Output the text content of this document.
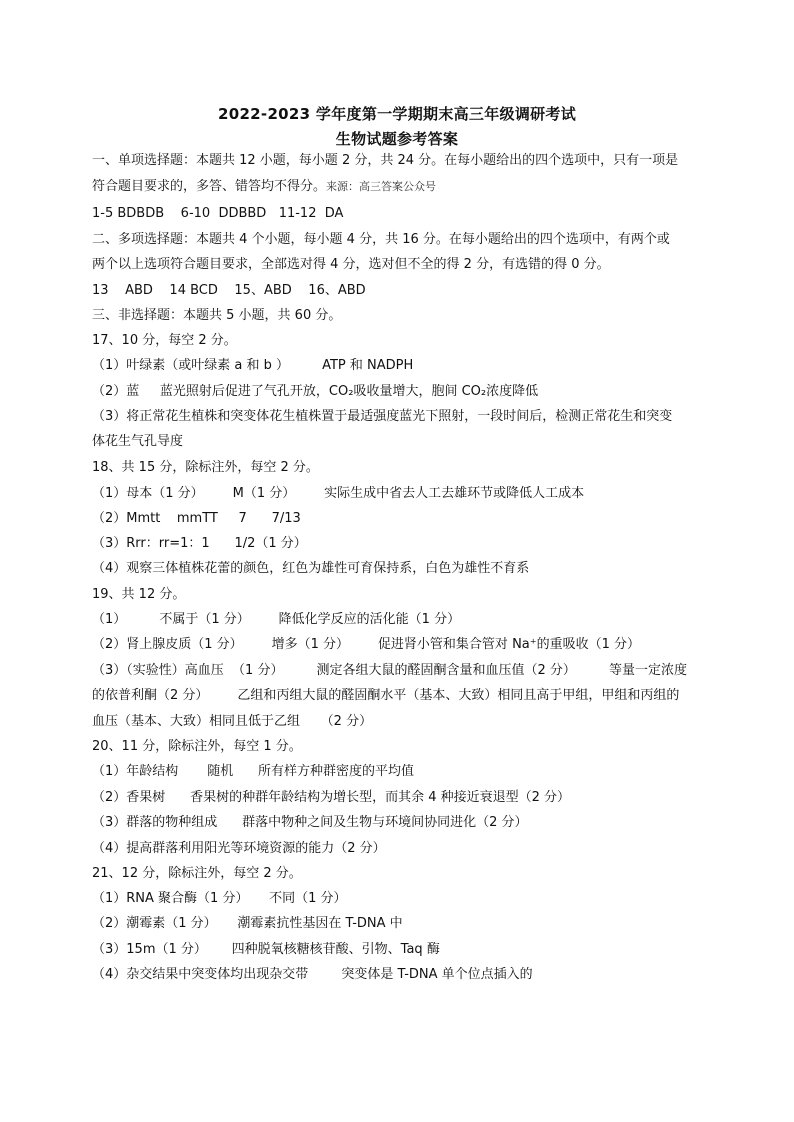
2022-2023 学年度第一学期期末高三年级调研考试
生物试题参考答案
一、单项选择题：本题共 12 小题，每小题 2 分，共 24 分。在每小题给出的四个选项中，只有一项是
符合题目要求的，多答、错答均不得分。来源：高三答案公众号
1-5 BDBDB    6-10  DDBBD   11-12  DA
二、多项选择题：本题共 4 个小题，每小题 4 分，共 16 分。在每小题给出的四个选项中，有两个或
两个以上选项符合题目要求，全部选对得 4 分，选对但不全的得 2 分，有选错的得 0 分。
13    ABD    14 BCD    15、ABD    16、ABD
三、非选择题：本题共 5 小题，共 60 分。
17、10 分，每空 2 分。
（1）叶绿素（或叶绿素 a 和 b ）        ATP 和 NADPH
（2）蓝     蓝光照射后促进了气孔开放，CO₂吸收量增大，胞间 CO₂浓度降低
（3）将正常花生植株和突变体花生植株置于最适强度蓝光下照射，一段时间后，检测正常花生和突变
体花生气孔导度
18、共 15 分，除标注外，每空 2 分。
（1）母本（1 分）       M（1 分）       实际生成中省去人工去雄环节或降低人工成本
（2）Mmtt    mmTT     7      7/13
（3）Rrr：rr=1：1      1/2（1 分）
（4）观察三体植株花蕾的颜色，红色为雄性可育保持系，白色为雄性不育系
19、共 12 分。
（1）        不属于（1 分）       降低化学反应的活化能（1 分）
（2）肾上腺皮质（1 分）       增多（1 分）       促进肾小管和集合管对 Na⁺的重吸收（1 分）
（3）（实验性）高血压  （1 分）        测定各组大鼠的醛固酮含量和血压值（2 分）        等量一定浓度
的依普利酮（2 分）       乙组和丙组大鼠的醛固酮水平（基本、大致）相同且高于甲组，甲组和丙组的
血压（基本、大致）相同且低于乙组     （2 分）
20、11 分，除标注外，每空 1 分。
（1）年龄结构       随机      所有样方种群密度的平均值
（2）香果树      香果树的种群年龄结构为增长型，而其余 4 种接近衰退型（2 分）
（3）群落的物种组成      群落中物种之间及生物与环境间协同进化（2 分）
（4）提高群落利用阳光等环境资源的能力（2 分）
21、12 分，除标注外，每空 2 分。
（1）RNA 聚合酶（1 分）     不同（1 分）
（2）潮霉素（1 分）     潮霉素抗性基因在 T-DNA 中
（3）15m（1 分）      四种脱氧核糖核苷酸、引物、Taq 酶
（4）杂交结果中突变体均出现杂交带        突变体是 T-DNA 单个位点插入的
